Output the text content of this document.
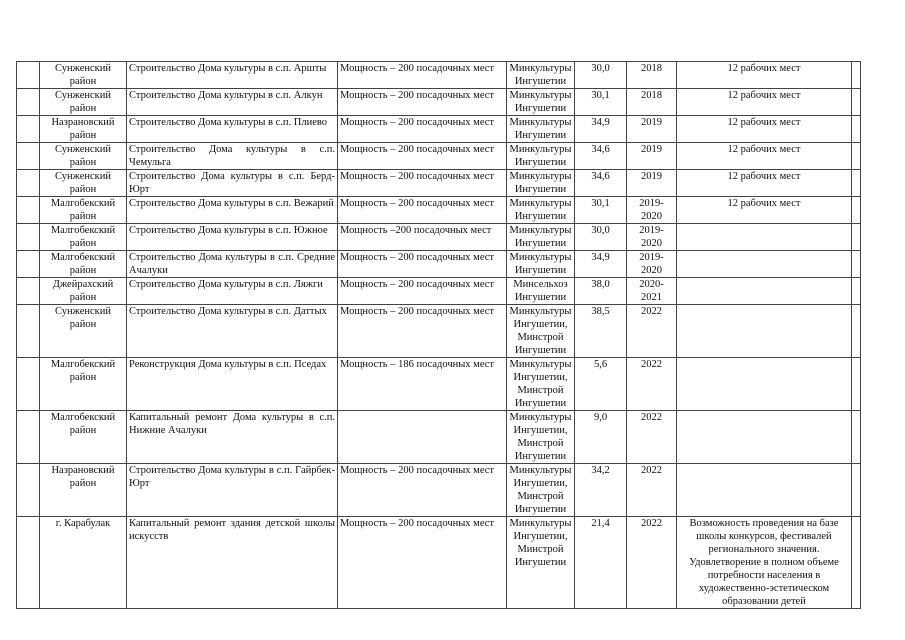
	Сунженский район	Строительство Дома культуры в с.п. Аршты	Мощность – 200 посадочных мест	Минкультуры Ингушетии	30,0	2018	12 рабочих мест	
	Сунженский район	Строительство Дома культуры в с.п. Алкун	Мощность – 200 посадочных мест	Минкультуры Ингушетии	30,1	2018	12 рабочих мест	
	Назрановский район	Строительство Дома культуры в с.п. Плиево	Мощность – 200 посадочных мест	Минкультуры Ингушетии	34,9	2019	12 рабочих мест	
	Сунженский район	Строительство Дома культуры в с.п. Чемульга	Мощность – 200 посадочных мест	Минкультуры Ингушетии	34,6	2019	12 рабочих мест	
	Сунженский район	Строительство Дома культуры в с.п. Берд-Юрт	Мощность – 200 посадочных мест	Минкультуры Ингушетии	34,6	2019	12 рабочих мест	
	Малгобекский район	Строительство Дома культуры в с.п. Вежарий	Мощность – 200 посадочных мест	Минкультуры Ингушетии	30,1	2019-2020	12 рабочих мест	
	Малгобекский район	Строительство Дома культуры в с.п. Южное	Мощность –200 посадочных мест	Минкультуры Ингушетии	30,0	2019-2020		
	Малгобекский район	Строительство Дома культуры в с.п. Средние Ачалуки	Мощность – 200 посадочных мест	Минкультуры Ингушетии	34,9	2019-2020		
	Джейрахский район	Строительство Дома культуры в с.п. Ляжги	Мощность – 200 посадочных мест	Минсельхоз Ингушетии	38,0	2020-2021		
	Сунженский район	Строительство Дома культуры в с.п. Даттых	Мощность – 200 посадочных мест	Минкультуры Ингушетии, Минстрой Ингушетии	38,5	2022		
	Малгобекский район	Реконструкция Дома культуры в с.п. Пседах	Мощность – 186 посадочных мест	Минкультуры Ингушетии, Минстрой Ингушетии	5,6	2022		
	Малгобекский район	Капитальный ремонт Дома культуры в с.п. Нижние Ачалуки		Минкультуры Ингушетии, Минстрой Ингушетии	9,0	2022		
	Назрановский район	Строительство Дома культуры в с.п. Гайрбек-Юрт	Мощность – 200 посадочных мест	Минкультуры Ингушетии, Минстрой Ингушетии	34,2	2022		
	г. Карабулак	Капитальный ремонт здания детской школы искусств	Мощность – 200 посадочных мест	Минкультуры Ингушетии, Минстрой Ингушетии	21,4	2022	Возможность проведения на базе школы конкурсов, фестивалей регионального значения. Удовлетворение в полном объеме потребности населения в художественно-эстетическом образовании детей	
